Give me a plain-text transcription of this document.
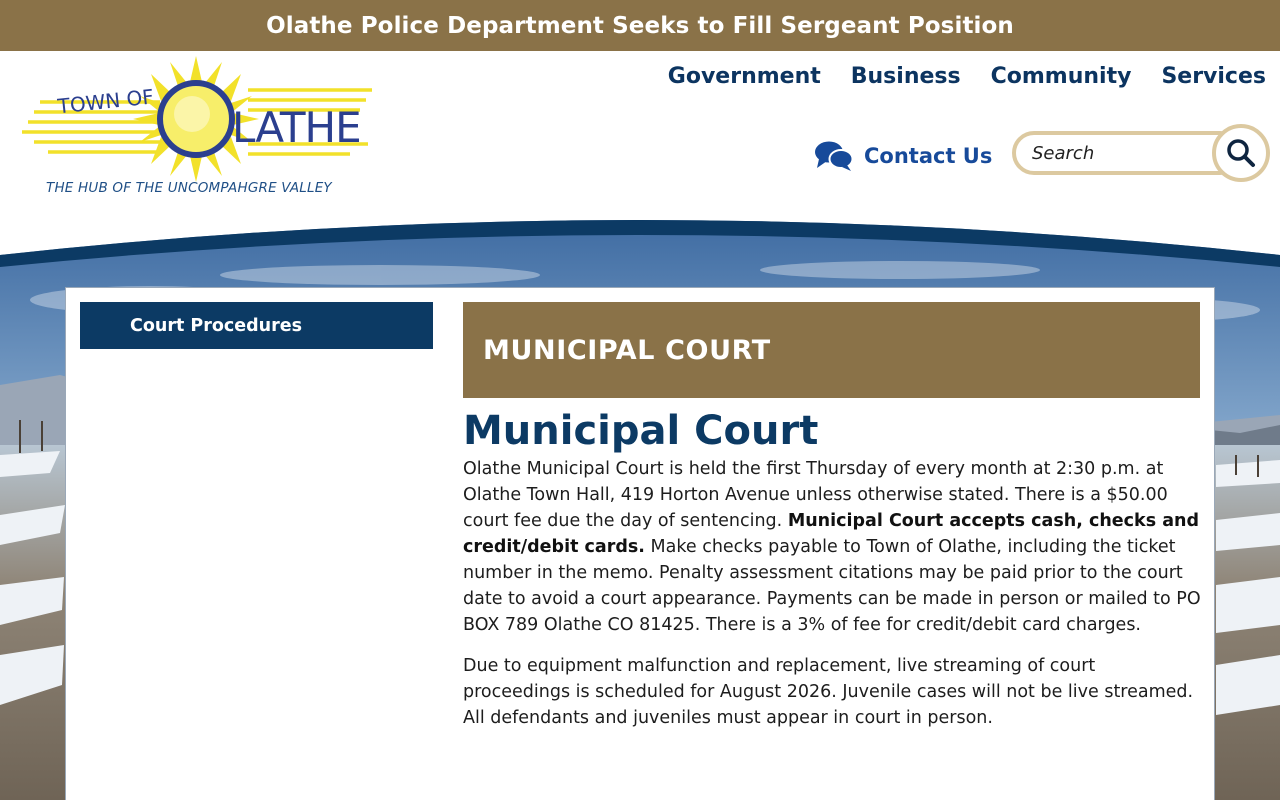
Olathe Police Department Seeks to Fill Sergeant Position
TOWN OF
LATHE
THE HUB OF THE UNCOMPAHGRE VALLEY
Government Business Community Services
Contact Us
Search
Court Procedures
MUNICIPAL COURT
Municipal Court

Olathe Municipal Court is held the first Thursday of every month at 2:30 p.m. at Olathe Town Hall, 419 Horton Avenue unless otherwise stated. There is a $50.00 court fee due the day of sentencing. Municipal Court accepts cash, checks and credit/debit cards. Make checks payable to Town of Olathe, including the ticket number in the memo. Penalty assessment citations may be paid prior to the court date to avoid a court appearance. Payments can be made in person or mailed to PO BOX 789 Olathe CO 81425. There is a 3% of fee for credit/debit card charges.

Due to equipment malfunction and replacement, live streaming of court proceedings is scheduled for August 2026. Juvenile cases will not be live streamed. All defendants and juveniles must appear in court in person.
